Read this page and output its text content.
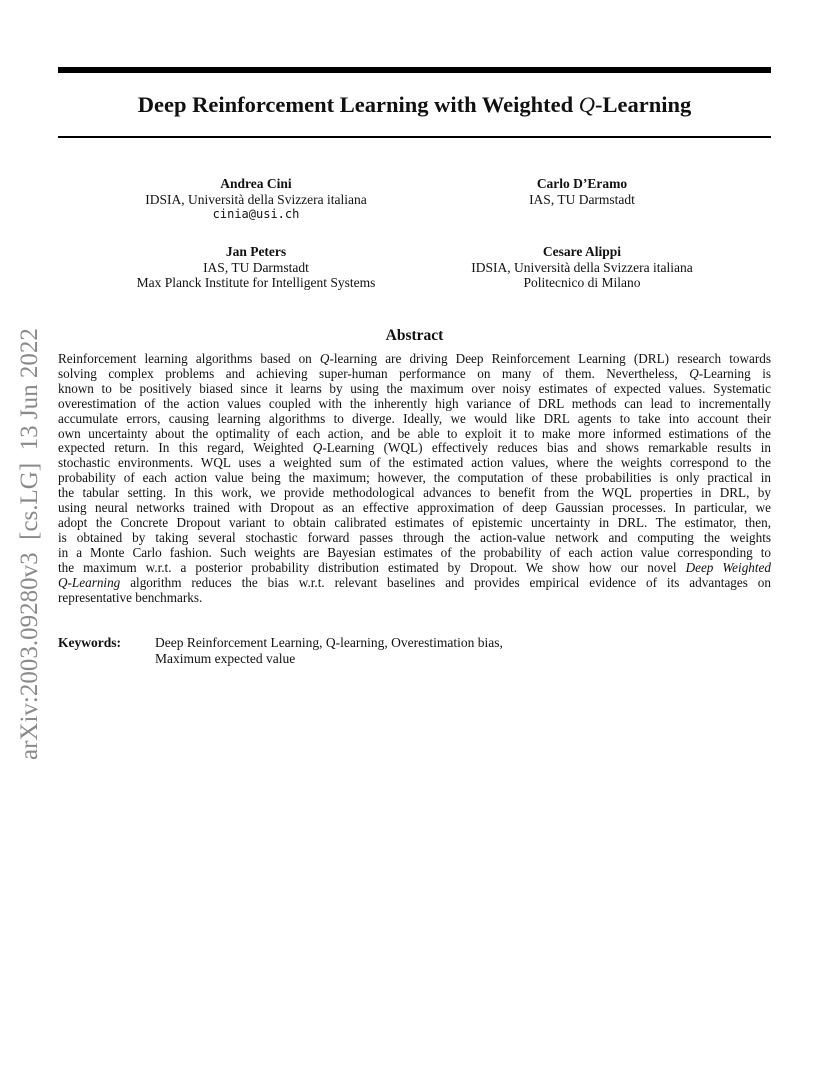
Deep Reinforcement Learning with Weighted Q-Learning
Andrea Cini
IDSIA, Università della Svizzera italiana
cinia@usi.ch
Carlo D’Eramo
IAS, TU Darmstadt
Jan Peters
IAS, TU Darmstadt
Max Planck Institute for Intelligent Systems
Cesare Alippi
IDSIA, Università della Svizzera italiana
Politecnico di Milano
Abstract
Reinforcement learning algorithms based on Q-learning are driving Deep Reinforcement Learning (DRL) research towards
solving complex problems and achieving super-human performance on many of them. Nevertheless, Q-Learning is
known to be positively biased since it learns by using the maximum over noisy estimates of expected values. Systematic
overestimation of the action values coupled with the inherently high variance of DRL methods can lead to incrementally
accumulate errors, causing learning algorithms to diverge. Ideally, we would like DRL agents to take into account their
own uncertainty about the optimality of each action, and be able to exploit it to make more informed estimations of the
expected return. In this regard, Weighted Q-Learning (WQL) effectively reduces bias and shows remarkable results in
stochastic environments. WQL uses a weighted sum of the estimated action values, where the weights correspond to the
probability of each action value being the maximum; however, the computation of these probabilities is only practical in
the tabular setting. In this work, we provide methodological advances to benefit from the WQL properties in DRL, by
using neural networks trained with Dropout as an effective approximation of deep Gaussian processes. In particular, we
adopt the Concrete Dropout variant to obtain calibrated estimates of epistemic uncertainty in DRL. The estimator, then,
is obtained by taking several stochastic forward passes through the action-value network and computing the weights
in a Monte Carlo fashion. Such weights are Bayesian estimates of the probability of each action value corresponding to
the maximum w.r.t. a posterior probability distribution estimated by Dropout. We show how our novel Deep Weighted
Q-Learning algorithm reduces the bias w.r.t. relevant baselines and provides empirical evidence of its advantages on
representative benchmarks.
Keywords:	Deep Reinforcement Learning, Q-learning, Overestimation bias,
Maximum expected value
arXiv:2003.09280v3  [cs.LG]  13 Jun 2022
